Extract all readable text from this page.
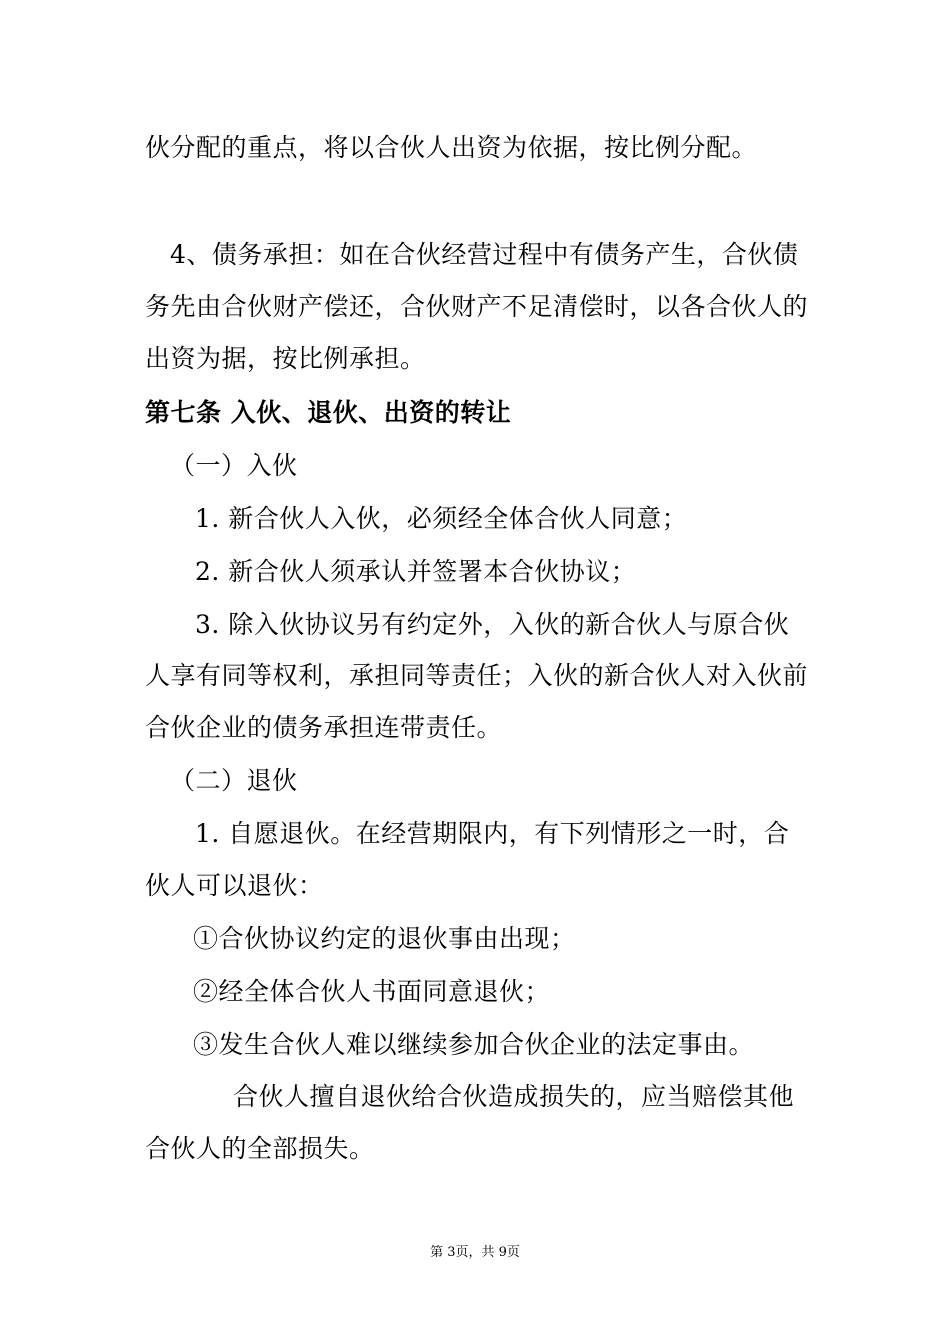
伙分配的重点，将以合伙人出资为依据，按比例分配。
4、债务承担：如在合伙经营过程中有债务产生，合伙债
务先由合伙财产偿还，合伙财产不足清偿时，以各合伙人的
出资为据，按比例承担。
第七条 入伙、退伙、出资的转让
（一）入伙
1. 新合伙人入伙，必须经全体合伙人同意；
2. 新合伙人须承认并签署本合伙协议；
3. 除入伙协议另有约定外，入伙的新合伙人与原合伙
人享有同等权利，承担同等责任；入伙的新合伙人对入伙前
合伙企业的债务承担连带责任。
（二）退伙
1. 自愿退伙。在经营期限内，有下列情形之一时，合
伙人可以退伙：
①合伙协议约定的退伙事由出现；
②经全体合伙人书面同意退伙；
③发生合伙人难以继续参加合伙企业的法定事由。
合伙人擅自退伙给合伙造成损失的，应当赔偿其他
合伙人的全部损失。
第 3页，共 9页
